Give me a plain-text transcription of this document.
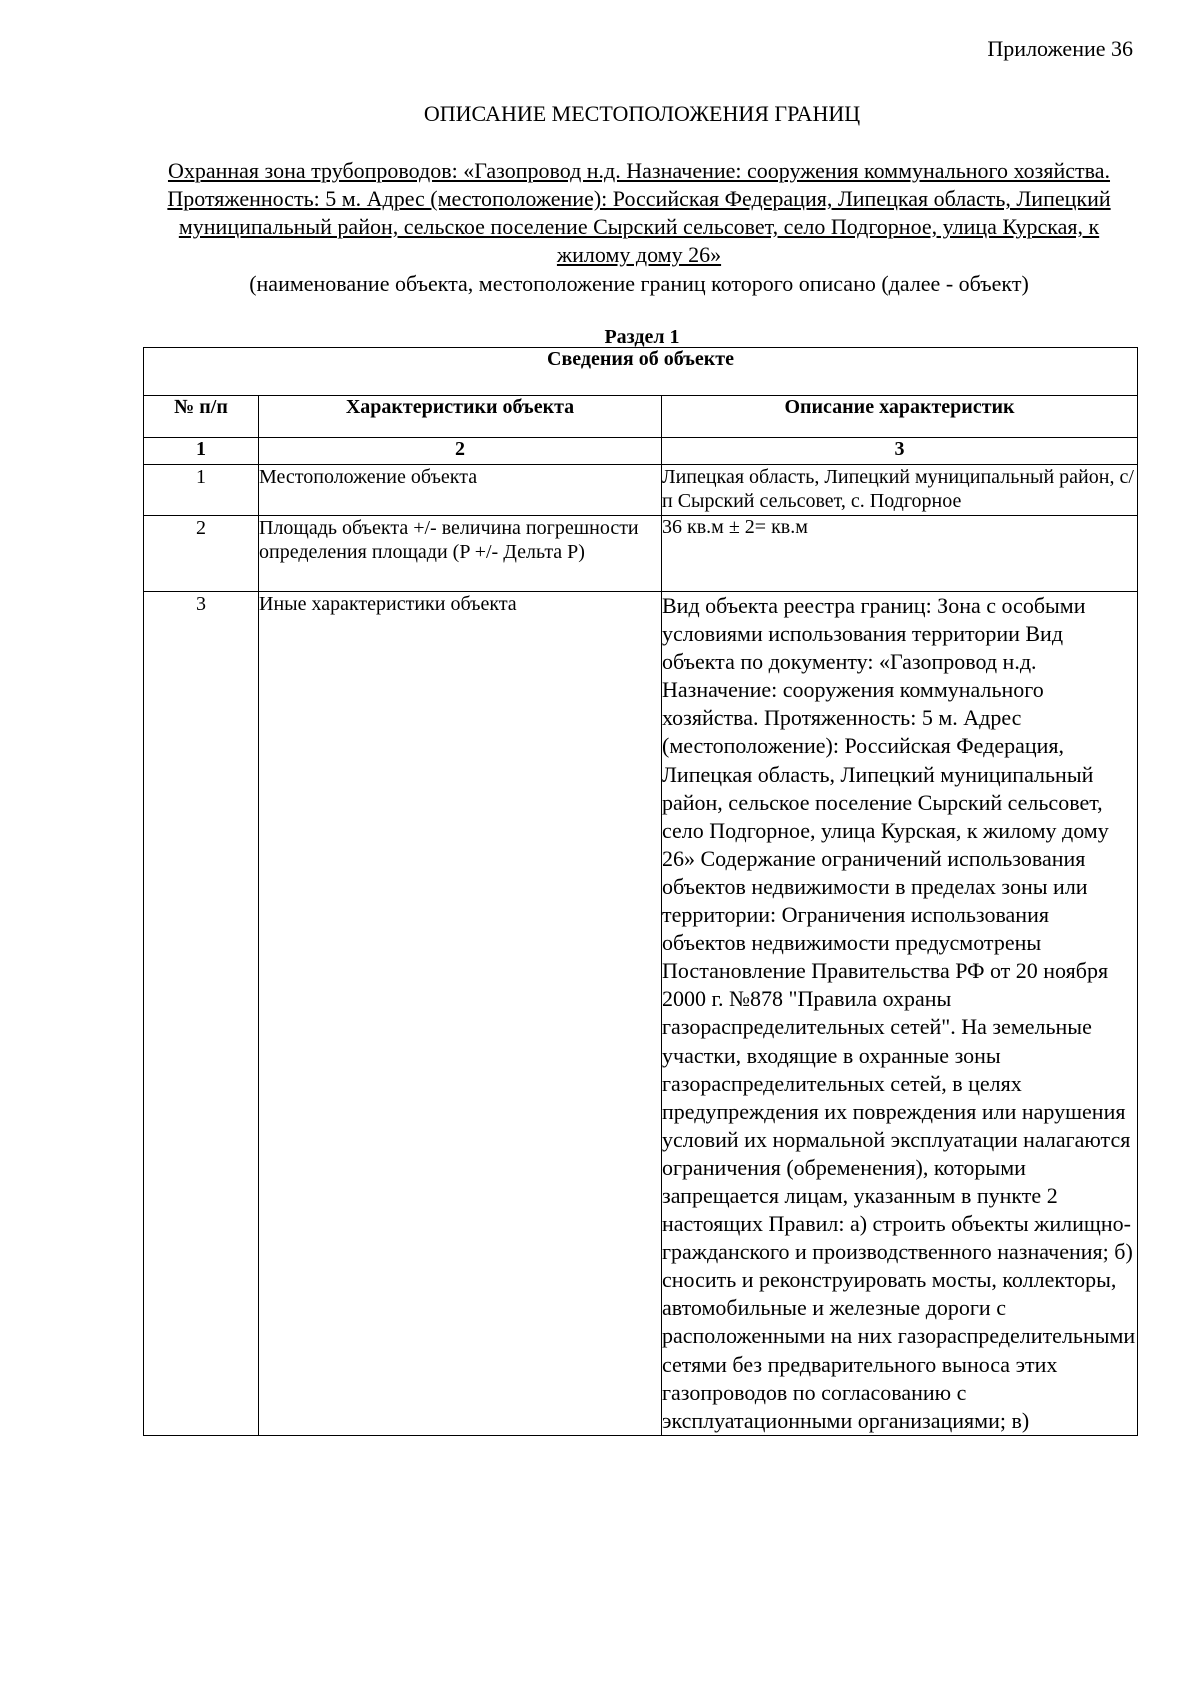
Приложение 36
ОПИСАНИЕ МЕСТОПОЛОЖЕНИЯ ГРАНИЦ
Охранная зона трубопроводов: «Газопровод н.д. Назначение: сооружения коммунального хозяйства. Протяженность: 5 м. Адрес (местоположение): Российская Федерация, Липецкая область, Липецкий муниципальный район, сельское поселение Сырский сельсовет, село Подгорное, улица Курская, к жилому дому 26»
(наименование объекта, местоположение границ которого описано (далее - объект)
Раздел 1
Сведения об объекте		
№ п/п	Характеристики объекта	Описание характеристик
1	2	3
1	Местоположение объекта	Липецкая область, Липецкий муниципальный район, с/п Сырский сельсовет, с. Подгорное
2	Площадь объекта +/- величина погрешности определения площади (P +/- Дельта P)	36 кв.м ± 2= кв.м
3	Иные характеристики объекта	Вид объекта реестра границ: Зона с особыми условиями использования территории Вид объекта по документу: «Газопровод н.д. Назначение: сооружения коммунального хозяйства. Протяженность: 5 м. Адрес (местоположение): Российская Федерация, Липецкая область, Липецкий муниципальный район, сельское поселение Сырский сельсовет, село Подгорное, улица Курская, к жилому дому 26» Содержание ограничений использования объектов недвижимости в пределах зоны или территории: Ограничения использования объектов недвижимости предусмотрены Постановление Правительства РФ от 20 ноября 2000 г. №878 "Правила охраны газораспределительных сетей". На земельные участки, входящие в охранные зоны газораспределительных сетей, в целях предупреждения их повреждения или нарушения условий их нормальной эксплуатации налагаются ограничения (обременения), которыми запрещается лицам, указанным в пункте 2 настоящих Правил: а) строить объекты жилищно-гражданского и производственного назначения; б) сносить и реконструировать мосты, коллекторы, автомобильные и железные дороги с расположенными на них газораспределительными сетями без предварительного выноса этих газопроводов по согласованию с эксплуатационными организациями; в)
